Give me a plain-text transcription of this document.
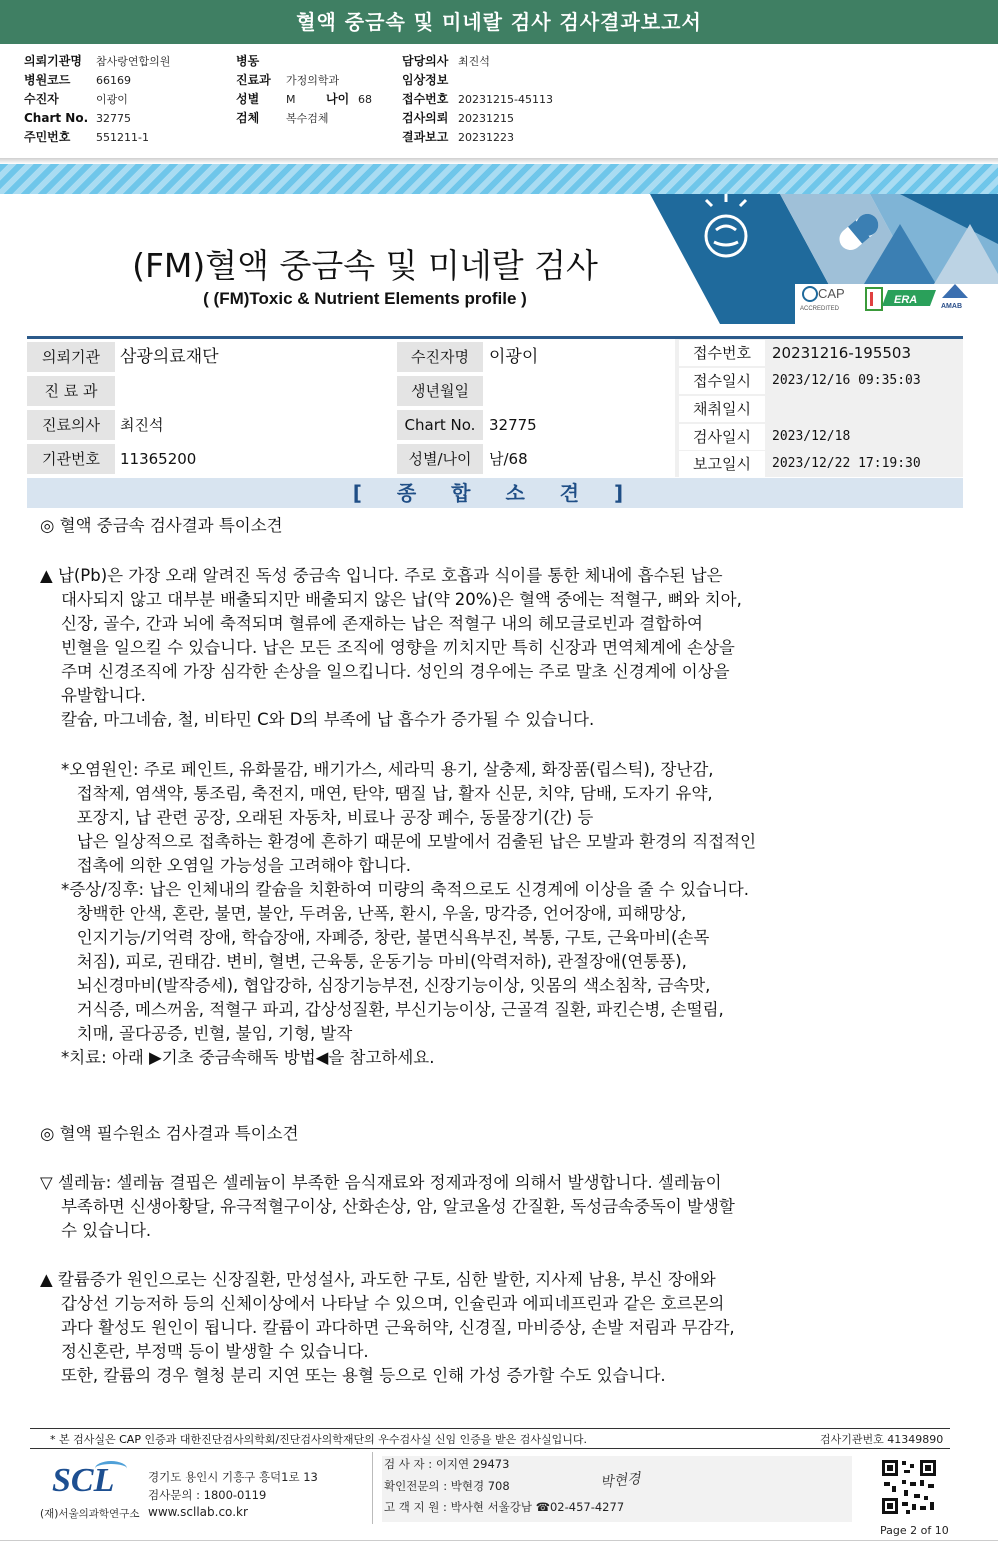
혈액 중금속 및 미네랄 검사 검사결과보고서
의뢰기관명 참사랑연합의원
병원코드 66169
수진자	이광이
Chart No. 32775
주민번호 551211-1
병동
진료과 가정의학과
성별 M	나이 68
검체 복수검체
담당의사 최진석
임상정보
접수번호 20231215-45113
검사의뢰 20231215
결과보고 20231223
CAP
ACCREDITED
ERA
AMAB
(FM)혈액 중금속 및 미네랄 검사
( (FM)Toxic & Nutrient Elements profile )
의뢰기관	삼광의료재단	수진자명	이광이
진 료 과	생년월일
진료의사	최진석	Chart No. 32775
기관번호	11365200	성별/나이	남/68
접수번호	20231216-195503
접수일시	2023/12/16 09:35:03
채취일시
검사일시	2023/12/18
보고일시	2023/12/22 17:19:30
[ 종 합 소 견 ]
◎ 혈액 중금속 검사결과 특이소견
▲ 납(Pb)은 가장 오래 알려진 독성 중금속 입니다. 주로 호흡과 식이를 통한 체내에 흡수된 납은
대사되지 않고 대부분 배출되지만 배출되지 않은 납(약 20%)은 혈액 중에는 적혈구, 뼈와 치아,
신장, 골수, 간과 뇌에 축적되며 혈류에 존재하는 납은 적혈구 내의 헤모글로빈과 결합하여
빈혈을 일으킬 수 있습니다. 납은 모든 조직에 영향을 끼치지만 특히 신장과 면역체계에 손상을
주며 신경조직에 가장 심각한 손상을 일으킵니다. 성인의 경우에는 주로 말초 신경계에 이상을
유발합니다.
칼슘, 마그네슘, 철, 비타민 C와 D의 부족에 납 흡수가 증가될 수 있습니다.
*오염원인: 주로 페인트, 유화물감, 배기가스, 세라믹 용기, 살충제, 화장품(립스틱), 장난감,
접착제, 염색약, 통조림, 축전지, 매연, 탄약, 땜질 납, 활자 신문, 치약, 담배, 도자기 유약,
포장지, 납 관련 공장, 오래된 자동차, 비료나 공장 폐수, 동물장기(간) 등
납은 일상적으로 접촉하는 환경에 흔하기 때문에 모발에서 검출된 납은 모발과 환경의 직접적인
접촉에 의한 오염일 가능성을 고려해야 합니다.
*증상/징후: 납은 인체내의 칼슘을 치환하여 미량의 축적으로도 신경계에 이상을 줄 수 있습니다.
창백한 안색, 혼란, 불면, 불안, 두려움, 난폭, 환시, 우울, 망각증, 언어장애, 피해망상,
인지기능/기억력 장애, 학습장애, 자폐증, 창란, 불면식욕부진, 복통, 구토, 근육마비(손목
처짐), 피로, 권태감. 변비, 혈변, 근육통, 운동기능 마비(악력저하), 관절장애(연통풍),
뇌신경마비(발작증세), 협압강하, 심장기능부전, 신장기능이상, 잇몸의 색소침착, 금속맛,
거식증, 메스꺼움, 적혈구 파괴, 갑상성질환, 부신기능이상, 근골격 질환, 파킨슨병, 손떨림,
치매, 골다공증, 빈혈, 불임, 기형, 발작
*치료: 아래 ▶기초 중금속해독 방법◀을 참고하세요.
◎ 혈액 필수원소 검사결과 특이소견
▽ 셀레늄: 셀레늄 결핍은 셀레늄이 부족한 음식재료와 정제과정에 의해서 발생합니다. 셀레늄이
부족하면 신생아황달, 유극적혈구이상, 산화손상, 암, 알코올성 간질환, 독성금속중독이 발생할
수 있습니다.
▲ 칼륨증가 원인으로는 신장질환, 만성설사, 과도한 구토, 심한 발한, 지사제 남용, 부신 장애와
갑상선 기능저하 등의 신체이상에서 나타날 수 있으며, 인슐린과 에피네프린과 같은 호르몬의
과다 활성도 원인이 됩니다. 칼륨이 과다하면 근육허약, 신경질, 마비증상, 손발 저림과 무감각,
정신혼란, 부정맥 등이 발생할 수 있습니다.
또한, 칼륨의 경우 혈청 분리 지연 또는 용혈 등으로 인해 가성 증가할 수도 있습니다.
* 본 검사실은 CAP 인증과 대한진단검사의학회/진단검사의학재단의 우수검사실 신임 인증을 받은 검사실입니다.	검사기관번호 41349890
SCL
(재)서울의과학연구소
경기도 용인시 기흥구 흥덕1로 13
검사문의 : 1800-0119
www.scllab.co.kr
검 사 자 : 이지연 29473
확인전문의 : 박현경 708
고 객 지 원 : 박사현 서울강남 ☎02-457-4277
박현경
Page 2 of 10
